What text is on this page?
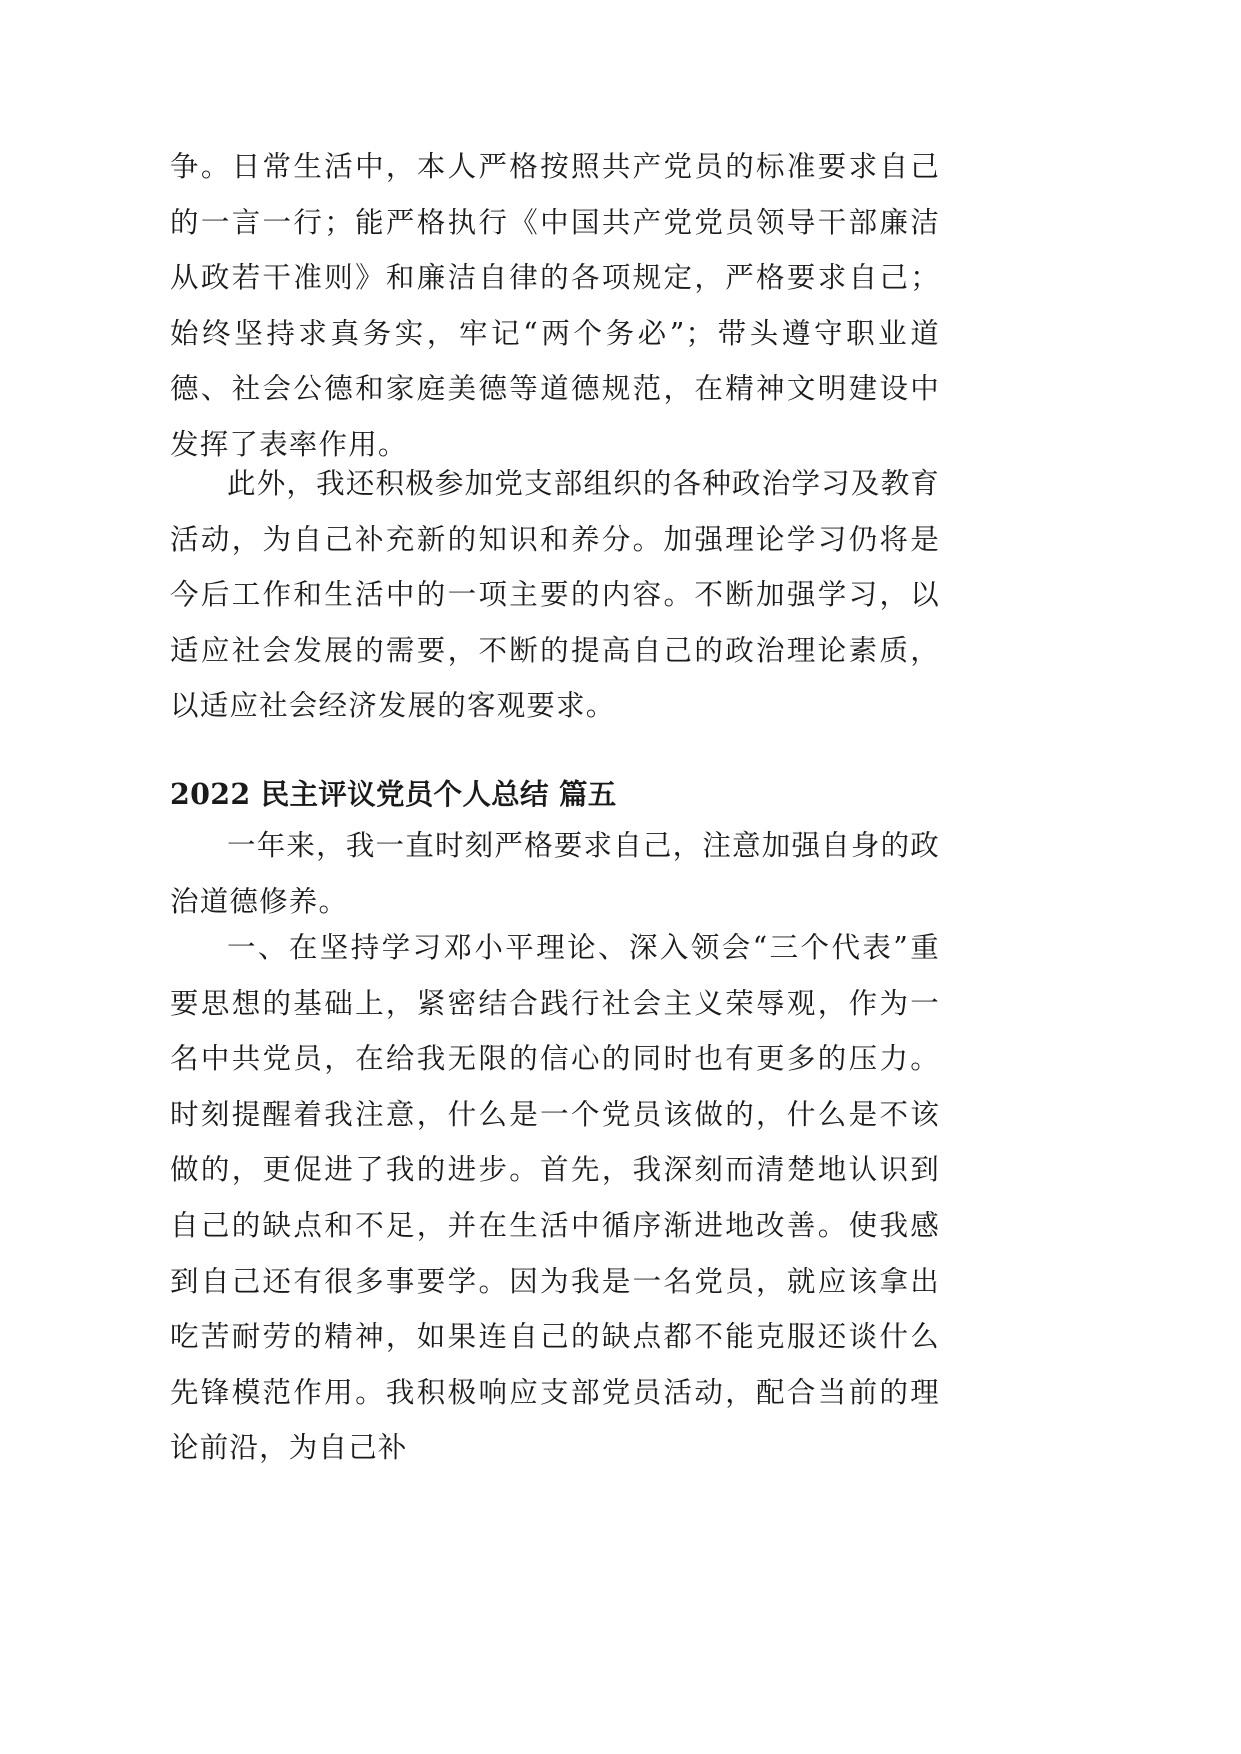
争。日常生活中，本人严格按照共产党员的标准要求自己的一言一行；能严格执行《中国共产党党员领导干部廉洁从政若干准则》和廉洁自律的各项规定，严格要求自己；始终坚持求真务实，牢记“两个务必”；带头遵守职业道德、社会公德和家庭美德等道德规范，在精神文明建设中发挥了表率作用。

此外，我还积极参加党支部组织的各种政治学习及教育活动，为自己补充新的知识和养分。加强理论学习仍将是今后工作和生活中的一项主要的内容。不断加强学习，以适应社会发展的需要，不断的提高自己的政治理论素质，以适应社会经济发展的客观要求。

2022 民主评议党员个人总结 篇五

一年来，我一直时刻严格要求自己，注意加强自身的政治道德修养。

一、在坚持学习邓小平理论、深入领会“三个代表”重要思想的基础上，紧密结合践行社会主义荣辱观，作为一名中共党员，在给我无限的信心的同时也有更多的压力。时刻提醒着我注意，什么是一个党员该做的，什么是不该做的，更促进了我的进步。首先，我深刻而清楚地认识到自己的缺点和不足，并在生活中循序渐进地改善。使我感到自己还有很多事要学。因为我是一名党员，就应该拿出吃苦耐劳的精神，如果连自己的缺点都不能克服还谈什么先锋模范作用。我积极响应支部党员活动，配合当前的理论前沿，为自己补
